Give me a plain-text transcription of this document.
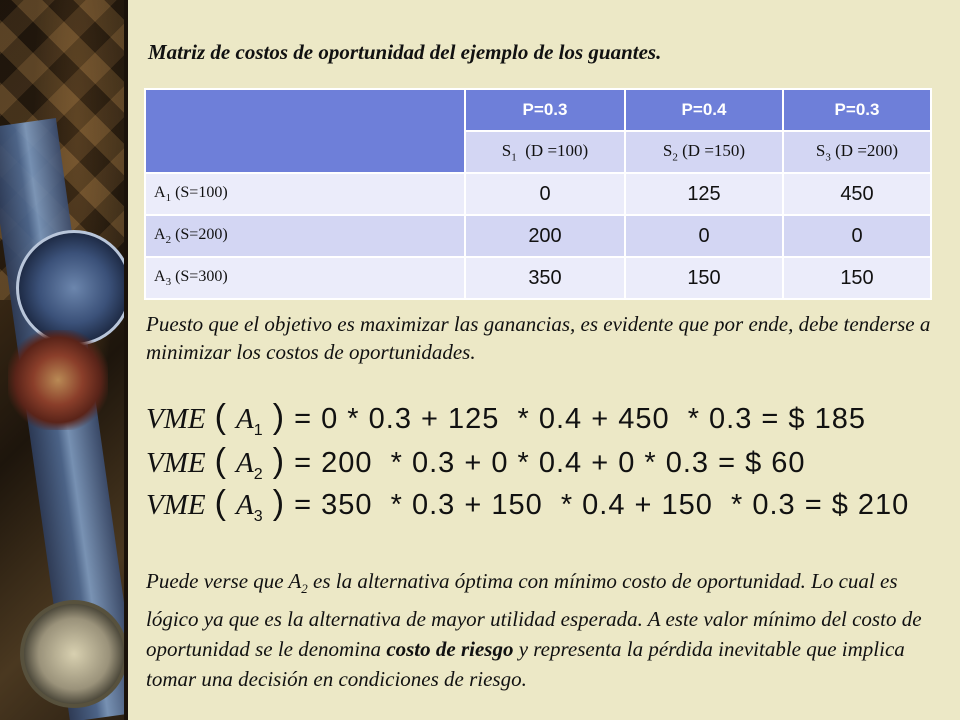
Matriz de costos de oportunidad del ejemplo de los guantes.
	P=0.3	P=0.4	P=0.3
	$S_1$  (D =100)	$S_2$ (D =150)	$S_3$ (D =200)
$A_1$ (S=100)	0	125	450
$A_2$ (S=200)	200	0	0
$A_3$ (S=300)	350	150	150
Puesto que el objetivo es maximizar las ganancias, es evidente que por ende, debe tenderse a minimizar los costos de oportunidades.
VME ( $A_1$ ) = 0 * 0.3 + 125  * 0.4 + 450  * 0.3 = $ 185
VME ( $A_2$ ) = 200  * 0.3 + 0 * 0.4 + 0 * 0.3 = $ 60
VME ( $A_3$ ) = 350  * 0.3 + 150  * 0.4 + 150  * 0.3 = $ 210
Puede verse que $A_2$ es la alternativa óptima con mínimo costo de oportunidad. Lo cual es lógico ya que es la alternativa de mayor utilidad esperada. A este valor mínimo del costo de oportunidad se le denomina costo de riesgo y representa la pérdida inevitable que implica tomar una decisión en condiciones de riesgo.
